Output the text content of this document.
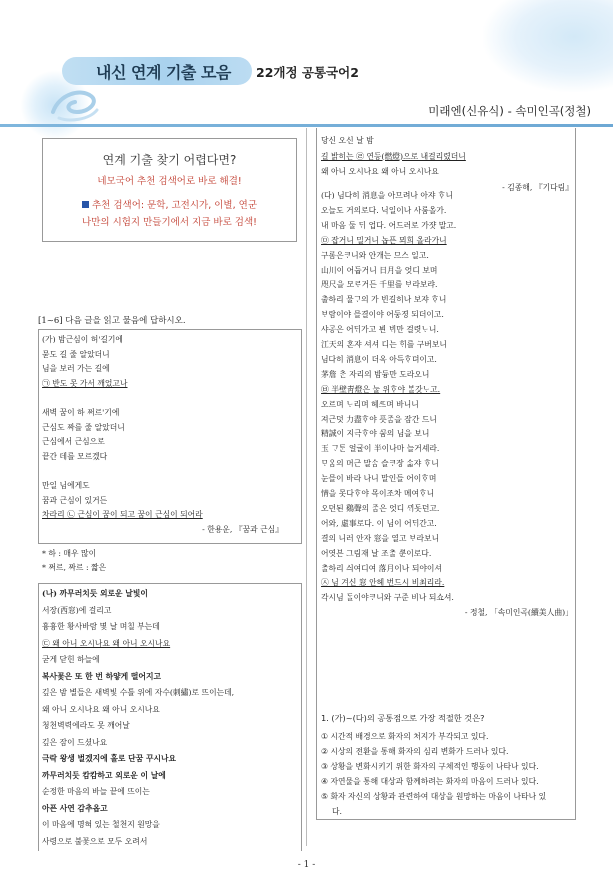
내신 연계 기출 모음 22개정 공통국어2
미래엔(신유식) - 속미인곡(정철)
연계 기출 찾기 어렵다면?
네모국어 추천 검색어로 바로 해결!
추천 검색어: 문학, 고전시가, 이별, 연군
나만의 시험지 만들기에서 지금 바로 검색!
[1~6] 다음 글을 읽고 물음에 답하시오.
(가) 밤근심이 허'길기에
묻도 길 줄 알았더니
님을 보러 가는 길에
㉠ 반도 못 가서 깨었고나
새벽 꿈이 하 쩌르'기에
근심도 짜를 줄 알았더니
근심에서 근심으로
끝간 데를 모르겠다
만일 님에게도
꿈과 근심이 있거든
차라리 ㉡ 근심이 꿈이 되고 꿈이 근심이 되어라
- 한용운, 『꿈과 근심』
* 하 : 매우 많이
* 쩌르, 짜르 : 짧은
(나) 까무러치듯 외로운 날빛이
서장(西窓)에 걸리고
흉흉한 황사바람 몇 날 며칠 부는데
㉢ 왜 아니 오시나요 왜 아니 오시나요
굳게 닫힌 하늘에
복사꽃은 또 한 번 하얗게 떨어지고
깊은 밤 별들은 새벽빛 수틀 위에 자수(刺繡)로 뜨이는데,
왜 아니 오시나요 왜 아니 오시나요
청천벽력에라도 못 깨어날
깊은 잠이 드셨나요
극락 왕생 벌겠지에 홀로 단꿈 꾸시나요
까무러치듯 캄캄하고 외로운 이 날에
순정한 마음의 바늘 끝에 뜨이는
아픈 사연 감추옵고
이 마음에 명혀 있는 철천지 원망을
사령으로 불꽃으로 모두 오려서
당신 오신 날 밤
길 밝히는 ㉣ 연등(燃燈)으로 내걸리렸더니
왜 아니 오시나요 왜 아니 오시나요
- 김종해, 『기다림』
(다) 님다히 消息을 아므려나 아쟈 ᄒᆞ니
오늘도 거의로다. 닉일이나 사룸올가.
내 마음 둘 ᄃᆡ 업다. 어드러로 가쟛 말고.
㉤ 잡거니 밀거니 놉픈 뫼희 올라가니
구롬은ᄏᆞ니와 안개는 므스 일고.
山川이 어둡거니 日月을 엇디 보며
咫尺을 모ᄅᆞ거든 千里를 ᄇᆞ라보랴.
출하리 물ᄀᆞ의 가 빈길히나 보쟈 ᄒᆞ니
ᄇᆞ람이야 믈결이야 어둥졍 되더이고.
샤공은 어ᄃᆡ가고 븬 ᄇᆡ만 걸렷ᄂᆞ니.
江天의 혼쟈 셔셔 디는 ᄒᆡ를 구버보니
님다히 消息이 더옥 아득ᄒᆞ뎌이고.
茅詹 ᄎᆞᆫ 자리의 밤듕만 도라오니
㉥ 半壁靑燈은 눌 위ᄒᆞ야 ᄇᆞᆯ갓ᄂᆞ고.
오르며 ᄂᆞ리며 헤ᄯᅳ며 바니니
져근덧 力盡ᄒᆞ야 픗ᄌᆞᆷ을 잠간 드니
精誠이 지극ᄒᆞ야 ᄭᅮᆷ의 님을 보니
玉 ᄀᆞᄐᆞᆫ 얼굴이 半이나마 늘거셰라.
ᄆᆞᄋᆞᆷ의 머근 말ᄉᆞᆷ 슬ᄏᆞ장 ᄉᆞᆲ쟈 ᄒᆞ니
눈믈이 바라 나니 말인들 어이ᄒᆞ며
情을 못다ᄒᆞ야 목이조차 메여ᄒᆞ니
오뎐된 鷄聲의 ᄌᆞᆷ은 엇디 ᄭᆡ돗던고.
어와, 虛事로다. 이 님이 어ᄃᆡ간고.
결의 니러 안자 窓을 열고 ᄇᆞ라보니
어엿븐 그림재 날 조ᄎᆞᆯ ᄲᅮᆫ이로다.
ᄎᆞᆯ하리 싀여디여 落月이나 되야이셔
㉦ 님 겨신 窓 안헤 번드시 비최리라.
각시님 ᄃᆞᆯ이야ᄏᆞ니와 구준 비나 되쇼셔.
- 정철, 「속미인곡(續美人曲)」
1. (가)~(다)의 공통점으로 가장 적절한 것은?
① 시간적 배경으로 화자의 처지가 부각되고 있다.
② 시상의 전환을 통해 화자의 심리 변화가 드러나 있다.
③ 상황을 변화시키기 위한 화자의 구체적인 행동이 나타나 있다.
④ 자연물을 통해 대상과 함께하려는 화자의 마음이 드러나 있다.
⑤ 화자 자신의 상황과 관련하여 대상을 원망하는 마음이 나타나 있
다.
- 1 -
